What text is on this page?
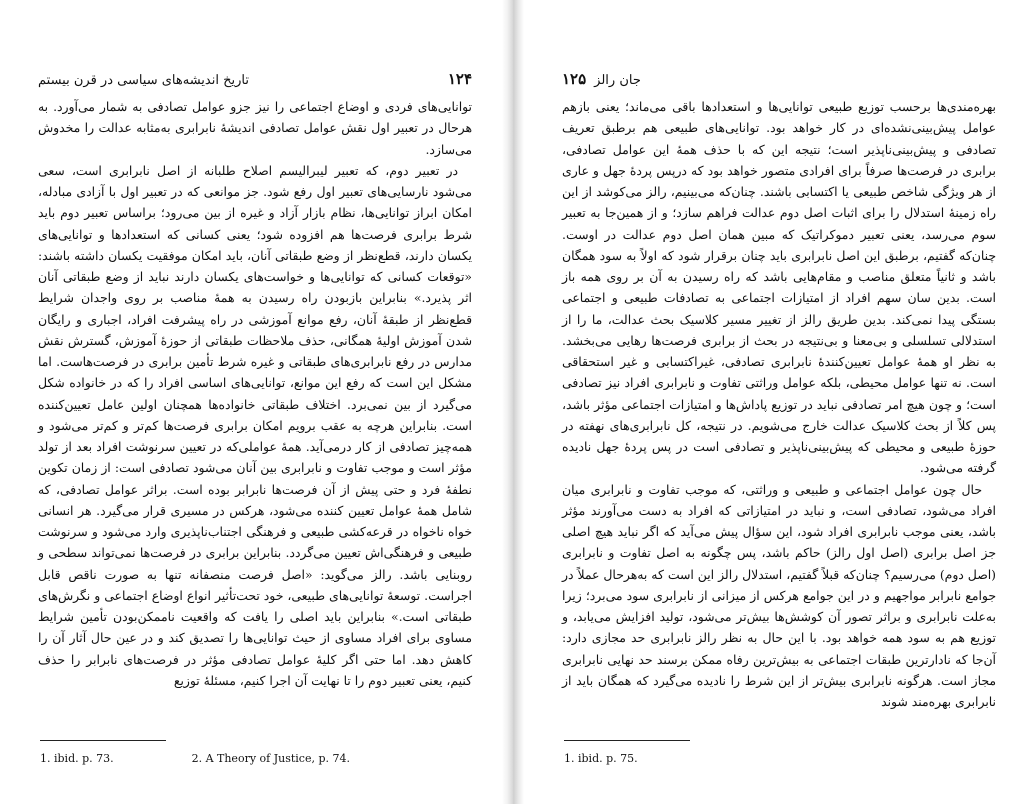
تاریخ اندیشه‌های سیاسی در قرن بیستم	۱۲۴

توانایی‌های فردی و اوضاع اجتماعی را نیز جزو عوامل تصادفی به شمار می‌آورد. به هرحال در تعبیر اول نقش عوامل تصادفی اندیشهٔ نابرابری به‌مثابه عدالت را مخدوش می‌سازد.

در تعبیر دوم، که تعبیر لیبرالیسم اصلاح طلبانه از اصل نابرابری است، سعی می‌شود نارسایی‌های تعبیر اول رفع شود. جز موانعی که در تعبیر اول با آزادی مبادله، امکان ابراز توانایی‌ها، نظام بازار آزاد و غیره از بین می‌رود؛ براساس تعبیر دوم باید شرط برابری فرصت‌ها هم افزوده شود؛ یعنی کسانی که استعدادها و توانایی‌های یکسان دارند، قطع‌نظر از وضع طبقاتی آنان، باید امکان موفقیت یکسان داشته باشند: «توقعات کسانی که توانایی‌ها و خواست‌های یکسان دارند نباید از وضع طبقاتی آنان اثر پذیرد.» بنابراین بازبودن راه رسیدن به همهٔ مناصب بر روی واجدان شرایط قطع‌نظر از طبقهٔ آنان، رفع موانع آموزشی در راه پیشرفت افراد، اجباری و رایگان شدن آموزش اولیهٔ همگانی، حذف ملاحظات طبقاتی از حوزهٔ آموزش، گسترش نقش مدارس در رفع نابرابری‌های طبقاتی و غیره شرط تأمین برابری در فرصت‌هاست. اما مشکل این است که رفع این موانع، توانایی‌های اساسی افراد را که در خانواده شکل می‌گیرد از بین نمی‌برد. اختلاف طبقاتی خانواده‌ها همچنان اولین عامل تعیین‌کننده است. بنابراین هرچه به عقب برویم امکان برابری فرصت‌ها کم‌تر و کم‌تر می‌شود و همه‌چیز تصادفی از کار درمی‌آید. همهٔ عواملی‌که در تعیین سرنوشت افراد بعد از تولد مؤثر است و موجب تفاوت و نابرابری بین آنان می‌شود تصادفی است: از زمان تکوین نطفهٔ فرد و حتی پیش از آن فرصت‌ها نابرابر بوده است. براثر عوامل تصادفی، که شامل همهٔ عوامل تعیین کننده می‌شود، هرکس در مسیری قرار می‌گیرد. هر انسانی خواه ناخواه در قرعه‌کشی طبیعی و فرهنگی اجتناب‌ناپذیری وارد می‌شود و سرنوشت طبیعی و فرهنگی‌اش تعیین می‌گردد. بنابراین برابری در فرصت‌ها نمی‌تواند سطحی و روبنایی باشد. رالز می‌گوید: «اصل فرصت منصفانه تنها به صورت ناقص قابل اجراست. توسعهٔ توانایی‌های طبیعی، خود تحت‌تأثیر انواع اوضاع اجتماعی و نگرش‌های طبقاتی است.» بنابراین باید اصلی را یافت که واقعیت ناممکن‌بودن تأمین شرایط مساوی برای افراد مساوی از حیث توانایی‌ها را تصدیق کند و در عین حال آثار آن را کاهش دهد. اما حتی اگر کلیهٔ عوامل تصادفی مؤثر در فرصت‌های نابرابر را حذف کنیم، یعنی تعبیر دوم را تا نهایت آن اجرا کنیم، مسئلهٔ توزیع

1. ibid. p. 73.	2. A Theory of Justice, p. 74.
۱۲۵ جان رالز

بهره‌مندی‌ها برحسب توزیع طبیعی توانایی‌ها و استعدادها باقی می‌ماند؛ یعنی بازهم عوامل پیش‌بینی‌نشده‌ای در کار خواهد بود. توانایی‌های طبیعی هم برطبق تعریف تصادفی و پیش‌بینی‌ناپذیر است؛ نتیجه این که با حذف همهٔ این عوامل تصادفی، برابری در فرصت‌ها صرفاً برای افرادی متصور خواهد بود که درپس پردهٔ جهل و عاری از هر ویژگی شاخص طبیعی یا اکتسابی باشند. چنان‌که می‌بینیم، رالز می‌کوشد از این راه زمینهٔ استدلال را برای اثبات اصل دوم عدالت فراهم سازد؛ و از همین‌جا به تعبیر سوم می‌رسد، یعنی تعبیر دموکراتیک که مبین همان اصل دوم عدالت در اوست. چنان‌که گفتیم، برطبق این اصل نابرابری باید چنان برقرار شود که اولاً به سود همگان باشد و ثانیاً متعلق مناصب و مقام‌هایی باشد که راه رسیدن به آن بر روی همه باز است. بدین سان سهم افراد از امتیازات اجتماعی به تصادفات طبیعی و اجتماعی بستگی پیدا نمی‌کند. بدین طریق رالز از تغییر مسیر کلاسیک بحث عدالت، ما را از استدلالی تسلسلی و بی‌معنا و بی‌نتیجه در بحث از برابری فرصت‌ها رهایی می‌بخشد. به نظر او همهٔ عوامل تعیین‌کنندهٔ نابرابری تصادفی، غیراکتسابی و غیر استحقاقی است. نه تنها عوامل محیطی، بلکه عوامل وراثتی تفاوت و نابرابری افراد نیز تصادفی است؛ و چون هیچ امر تصادفی نباید در توزیع پاداش‌ها و امتیازات اجتماعی مؤثر باشد، پس کلاً از بحث کلاسیک عدالت خارج می‌شویم. در نتیجه، کل نابرابری‌های نهفته در حوزهٔ طبیعی و محیطی که پیش‌بینی‌ناپذیر و تصادفی است در پس پردهٔ جهل نادیده گرفته می‌شود.

حال چون عوامل اجتماعی و طبیعی و وراثتی، که موجب تفاوت و نابرابری میان افراد می‌شود، تصادفی است، و نباید در امتیازاتی که افراد به دست می‌آورند مؤثر باشد، یعنی موجب نابرابری افراد شود، این سؤال پیش می‌آید که اگر نباید هیچ اصلی جز اصل برابری (اصل اول رالز) حاکم باشد، پس چگونه به اصل تفاوت و نابرابری (اصل دوم) می‌رسیم؟ چنان‌که قبلاً گفتیم، استدلال رالز این است که به‌هرحال عملاً در جوامع نابرابر مواجهیم و در این جوامع هرکس از میزانی از نابرابری سود می‌برد؛ زیرا به‌علت نابرابری و براثر تصور آن کوشش‌ها بیش‌تر می‌شود، تولید افزایش می‌یابد، و توزیع هم به سود همه خواهد بود. با این حال به نظر رالز نابرابری حد مجازی دارد: آن‌جا که نادارترین طبقات اجتماعی به بیش‌ترین رفاه ممکن برسند حد نهایی نابرابری مجاز است. هرگونه نابرابری بیش‌تر از این شرط را نادیده می‌گیرد که همگان باید از نابرابری بهره‌مند شوند

1. ibid. p. 75.
